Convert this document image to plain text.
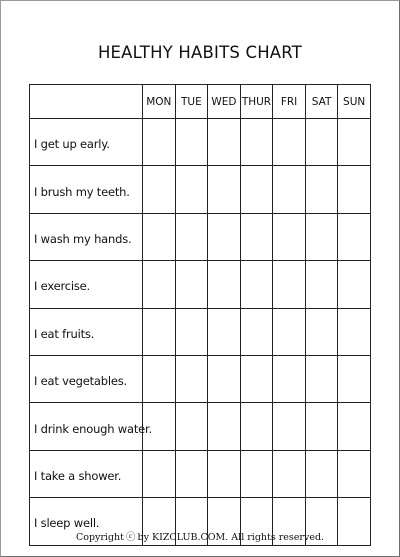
HEALTHY HABITS CHART
	MON	TUE	WED	THUR	FRI	SAT	SUN
I get up early.							
I brush my teeth.							
I wash my hands.							
I exercise.							
I eat fruits.							
I eat vegetables.							
I drink enough water.							
I take a shower.							
I sleep well.							
Copyright ⓒ by KIZCLUB.COM. All rights reserved.
